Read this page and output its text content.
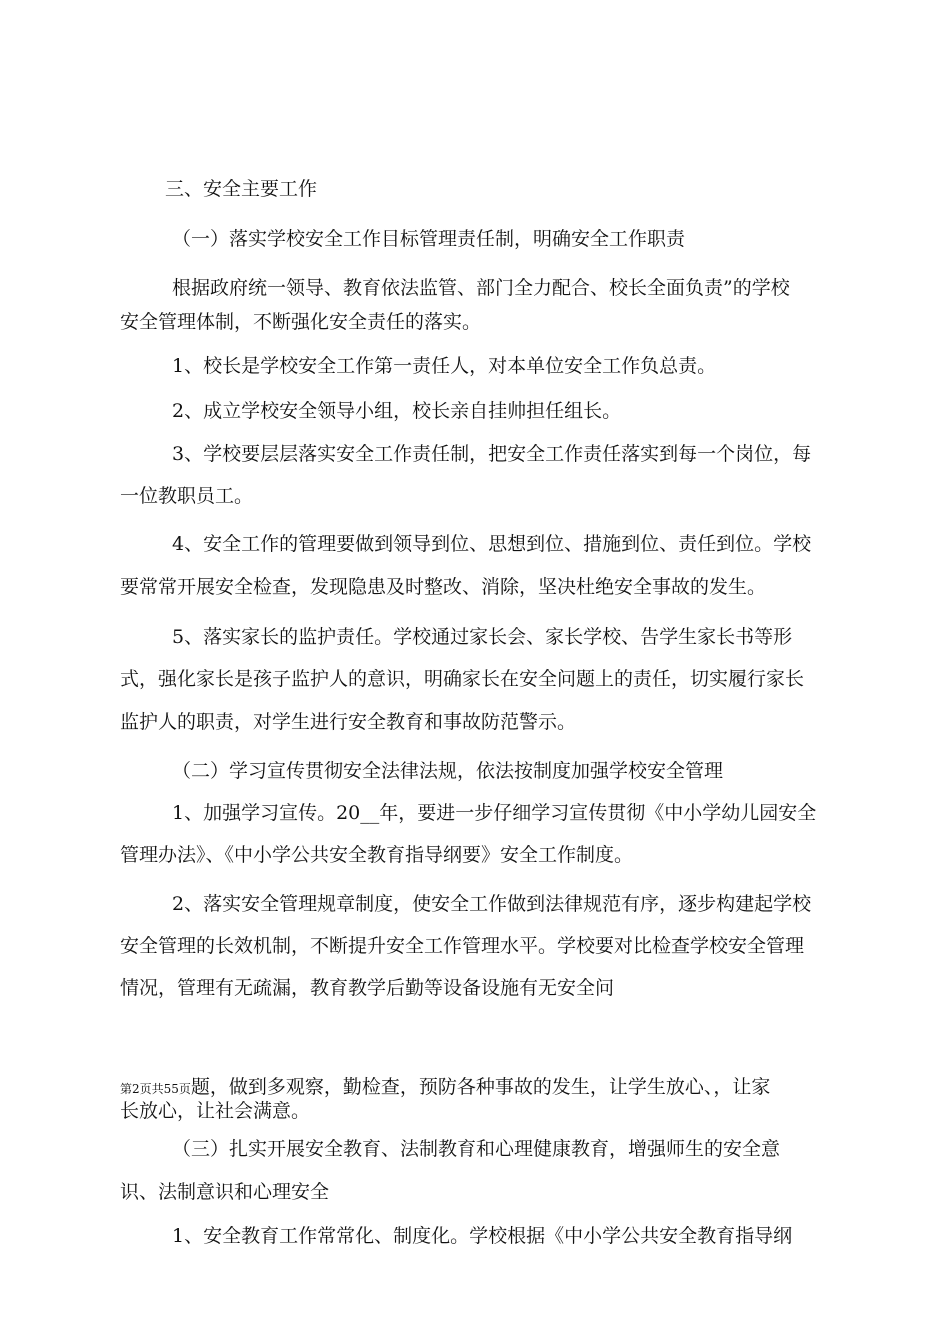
三、安全主要工作
（一）落实学校安全工作目标管理责任制，明确安全工作职责
根据政府统一领导、教育依法监管、部门全力配合、校长全面负责”的学校
安全管理体制，不断强化安全责任的落实。
1、校长是学校安全工作第一责任人，对本单位安全工作负总责。
2、成立学校安全领导小组，校长亲自挂帅担任组长。
3、学校要层层落实安全工作责任制，把安全工作责任落实到每一个岗位，每
一位教职员工。
4、安全工作的管理要做到领导到位、思想到位、措施到位、责任到位。学校
要常常开展安全检查，发现隐患及时整改、消除，坚决杜绝安全事故的发生。
5、落实家长的监护责任。学校通过家长会、家长学校、告学生家长书等形
式，强化家长是孩子监护人的意识，明确家长在安全问题上的责任，切实履行家长
监护人的职责，对学生进行安全教育和事故防范警示。
（二）学习宣传贯彻安全法律法规，依法按制度加强学校安全管理
1、加强学习宣传。20__年，要进一步仔细学习宣传贯彻《中小学幼儿园安全
管理办法》、《中小学公共安全教育指导纲要》安全工作制度。
2、落实安全管理规章制度，使安全工作做到法律规范有序，逐步构建起学校
安全管理的长效机制，不断提升安全工作管理水平。学校要对比检查学校安全管理
情况，管理有无疏漏，教育教学后勤等设备设施有无安全问
第2页共55页题，做到多观察，勤检查，预防各种事故的发生，让学生放心、，让家
长放心，让社会满意。
（三）扎实开展安全教育、法制教育和心理健康教育，增强师生的安全意
识、法制意识和心理安全
1、安全教育工作常常化、制度化。学校根据《中小学公共安全教育指导纲
